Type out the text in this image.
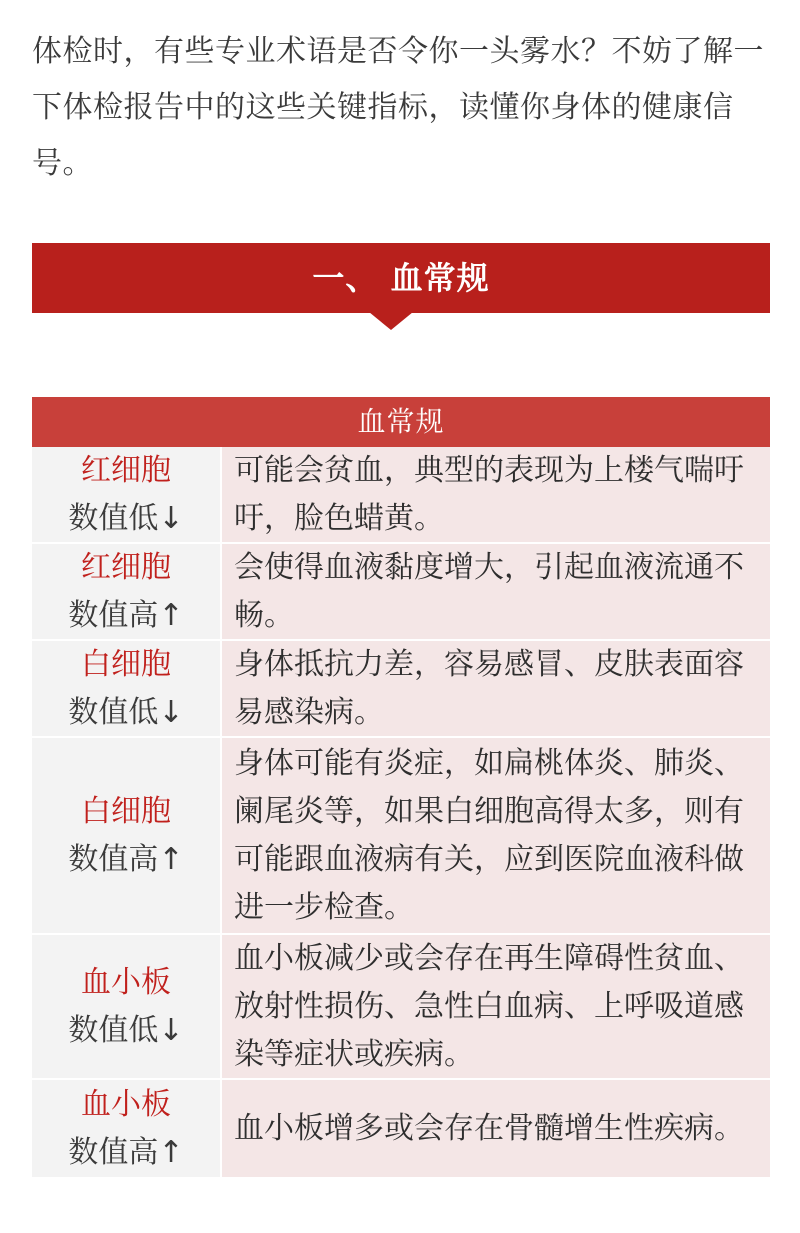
体检时，有些专业术语是否令你一头雾水？不妨了解一下体检报告中的这些关键指标，读懂你身体的健康信号。
一、 血常规
血常规
红细胞
数值低↓
可能会贫血，典型的表现为上楼气喘吁吁，脸色蜡黄。
红细胞
数值高↑
会使得血液黏度增大，引起血液流通不畅。
白细胞
数值低↓
身体抵抗力差，容易感冒、皮肤表面容易感染病。
白细胞
数值高↑
身体可能有炎症，如扁桃体炎、肺炎、阑尾炎等，如果白细胞高得太多，则有可能跟血液病有关，应到医院血液科做进一步检查。
血小板
数值低↓
血小板减少或会存在再生障碍性贫血、放射性损伤、急性白血病、上呼吸道感染等症状或疾病。
血小板
数值高↑
血小板增多或会存在骨髓增生性疾病。
